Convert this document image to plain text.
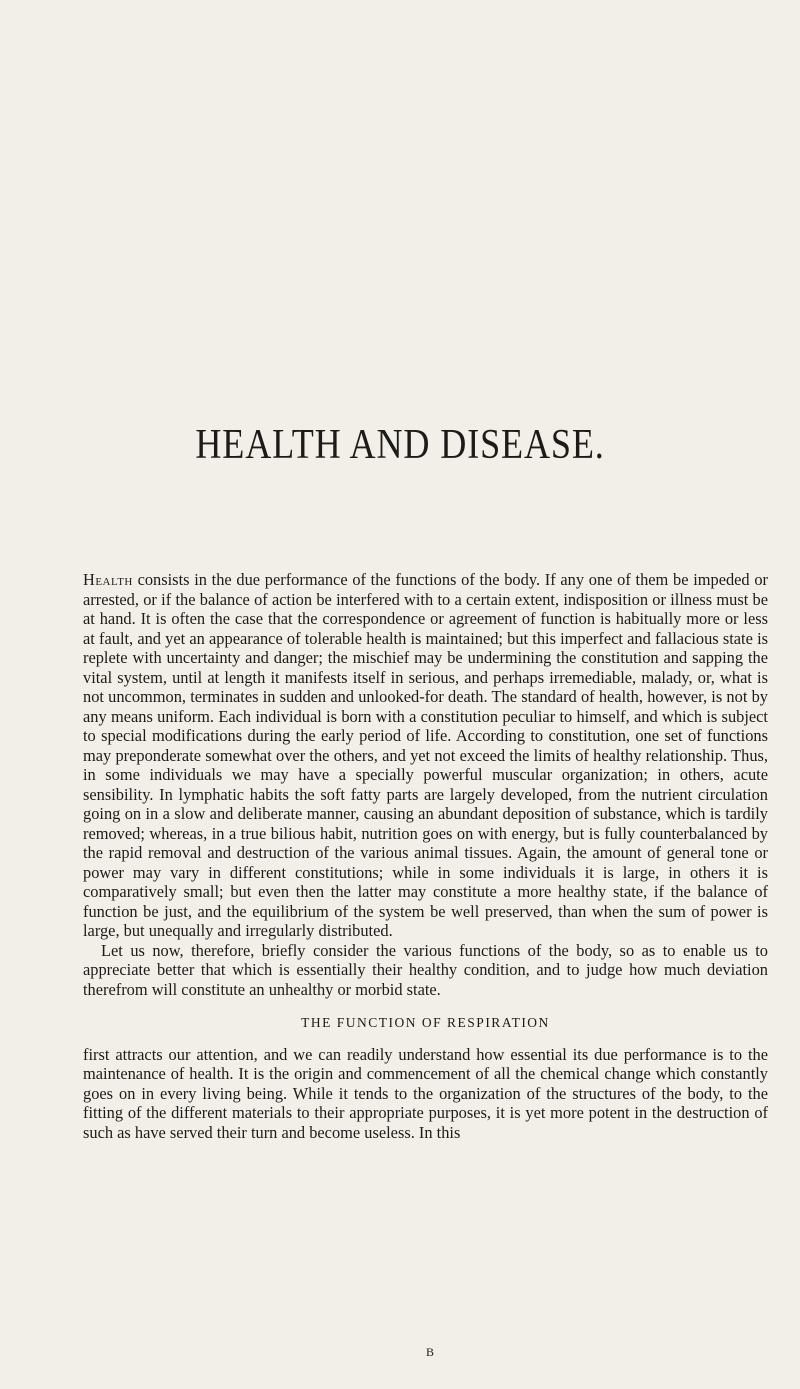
HEALTH AND DISEASE.

Health consists in the due performance of the functions of the body. If any one of them be impeded or arrested, or if the balance of action be interfered with to a certain extent, indisposition or illness must be at hand. It is often the case that the correspondence or agreement of function is habitually more or less at fault, and yet an appearance of tolerable health is maintained; but this imperfect and fallacious state is replete with uncertainty and danger; the mischief may be undermining the constitution and sapping the vital system, until at length it manifests itself in serious, and perhaps irremediable, malady, or, what is not uncommon, terminates in sudden and unlooked-for death. The standard of health, however, is not by any means uniform. Each individual is born with a constitution peculiar to himself, and which is subject to special modifications during the early period of life. According to constitution, one set of functions may preponderate somewhat over the others, and yet not exceed the limits of healthy relationship. Thus, in some individuals we may have a specially powerful muscular organization; in others, acute sensibility. In lymphatic habits the soft fatty parts are largely developed, from the nutrient circulation going on in a slow and deliberate manner, causing an abundant deposition of substance, which is tardily removed; whereas, in a true bilious habit, nutrition goes on with energy, but is fully counterbalanced by the rapid removal and destruction of the various animal tissues. Again, the amount of general tone or power may vary in different constitutions; while in some individuals it is large, in others it is comparatively small; but even then the latter may constitute a more healthy state, if the balance of function be just, and the equilibrium of the system be well preserved, than when the sum of power is large, but unequally and irregularly distributed.

Let us now, therefore, briefly consider the various functions of the body, so as to enable us to appreciate better that which is essentially their healthy condition, and to judge how much deviation therefrom will constitute an unhealthy or morbid state.

THE FUNCTION OF RESPIRATION

first attracts our attention, and we can readily understand how essential its due performance is to the maintenance of health. It is the origin and commencement of all the chemical change which constantly goes on in every living being. While it tends to the organization of the structures of the body, to the fitting of the different materials to their appropriate purposes, it is yet more potent in the destruction of such as have served their turn and become useless. In this

B
